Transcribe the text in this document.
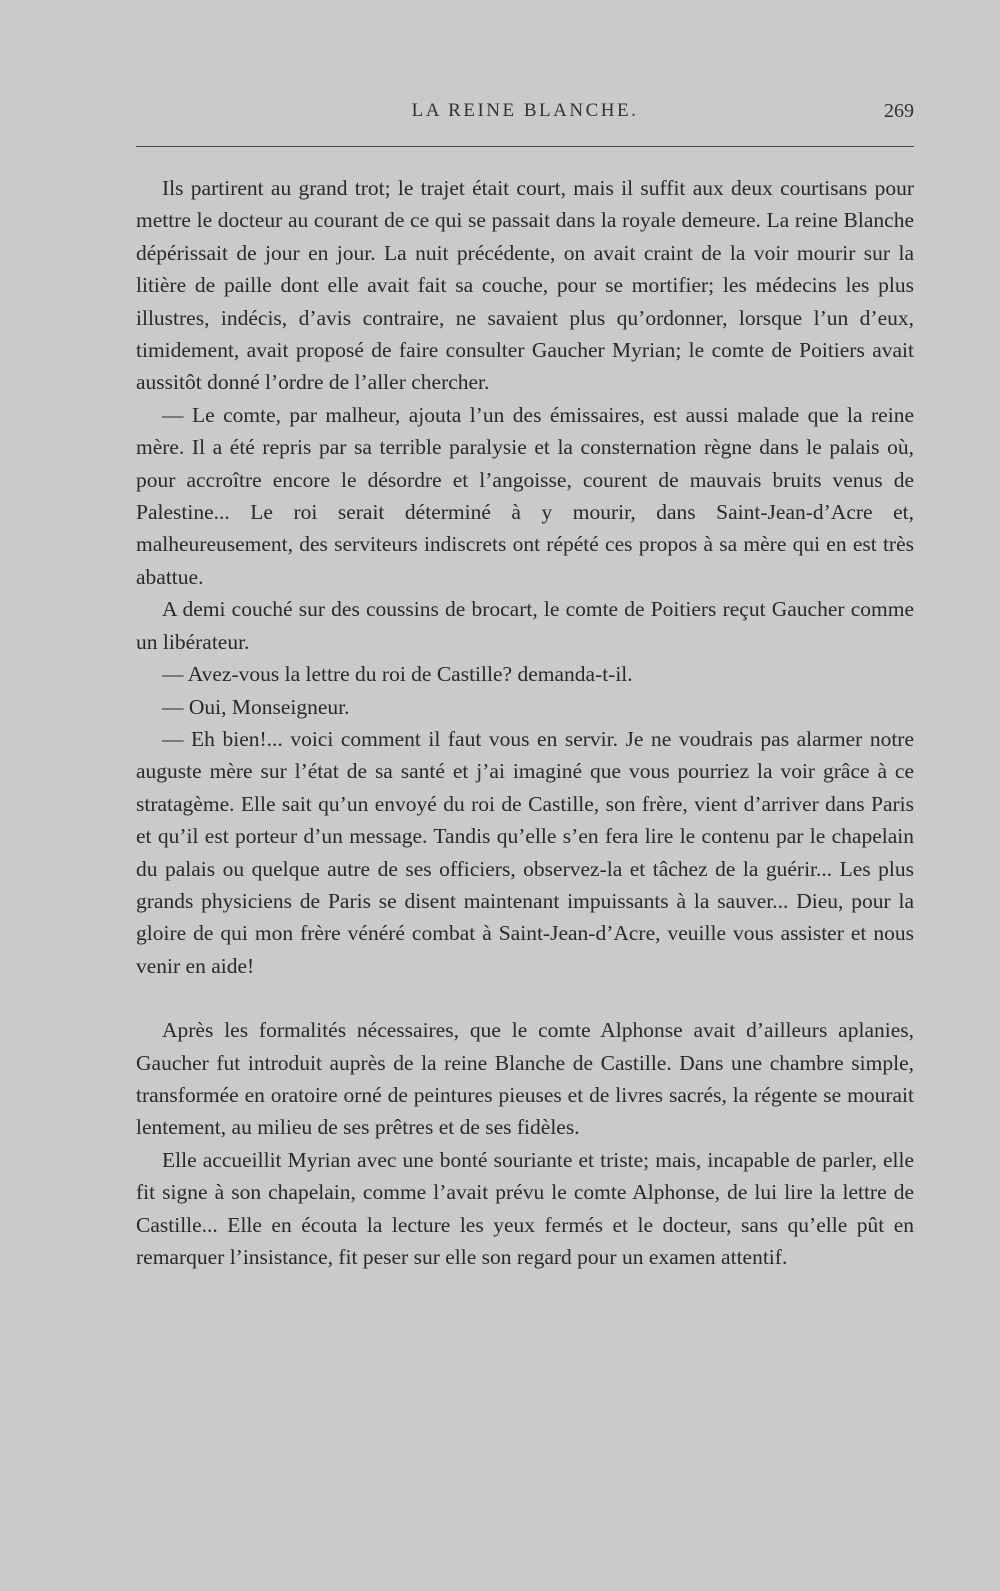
LA REINE BLANCHE.	269

Ils partirent au grand trot; le trajet était court, mais il suffit aux deux courtisans pour mettre le docteur au courant de ce qui se passait dans la royale demeure. La reine Blanche dépérissait de jour en jour. La nuit précédente, on avait craint de la voir mourir sur la litière de paille dont elle avait fait sa couche, pour se mortifier; les médecins les plus illustres, indécis, d’avis contraire, ne savaient plus qu’ordonner, lorsque l’un d’eux, timidement, avait proposé de faire consulter Gaucher Myrian; le comte de Poitiers avait aussitôt donné l’ordre de l’aller chercher.

— Le comte, par malheur, ajouta l’un des émissaires, est aussi malade que la reine mère. Il a été repris par sa terrible paralysie et la consternation règne dans le palais où, pour accroître encore le désordre et l’angoisse, courent de mauvais bruits venus de Palestine... Le roi serait déterminé à y mourir, dans Saint-Jean-d’Acre et, malheureusement, des serviteurs indiscrets ont répété ces propos à sa mère qui en est très abattue.

A demi couché sur des coussins de brocart, le comte de Poitiers reçut Gaucher comme un libérateur.

— Avez-vous la lettre du roi de Castille? demanda-t-il.

— Oui, Monseigneur.

— Eh bien!... voici comment il faut vous en servir. Je ne voudrais pas alarmer notre auguste mère sur l’état de sa santé et j’ai imaginé que vous pourriez la voir grâce à ce stratagème. Elle sait qu’un envoyé du roi de Castille, son frère, vient d’arriver dans Paris et qu’il est porteur d’un message. Tandis qu’elle s’en fera lire le contenu par le chapelain du palais ou quelque autre de ses officiers, observez-la et tâchez de la guérir... Les plus grands physiciens de Paris se disent maintenant impuissants à la sauver... Dieu, pour la gloire de qui mon frère vénéré combat à Saint-Jean-d’Acre, veuille vous assister et nous venir en aide!

Après les formalités nécessaires, que le comte Alphonse avait d’ailleurs aplanies, Gaucher fut introduit auprès de la reine Blanche de Castille. Dans une chambre simple, transformée en oratoire orné de peintures pieuses et de livres sacrés, la régente se mourait lentement, au milieu de ses prêtres et de ses fidèles.

Elle accueillit Myrian avec une bonté souriante et triste; mais, incapable de parler, elle fit signe à son chapelain, comme l’avait prévu le comte Alphonse, de lui lire la lettre de Castille... Elle en écouta la lecture les yeux fermés et le docteur, sans qu’elle pût en remarquer l’insistance, fit peser sur elle son regard pour un examen attentif.
